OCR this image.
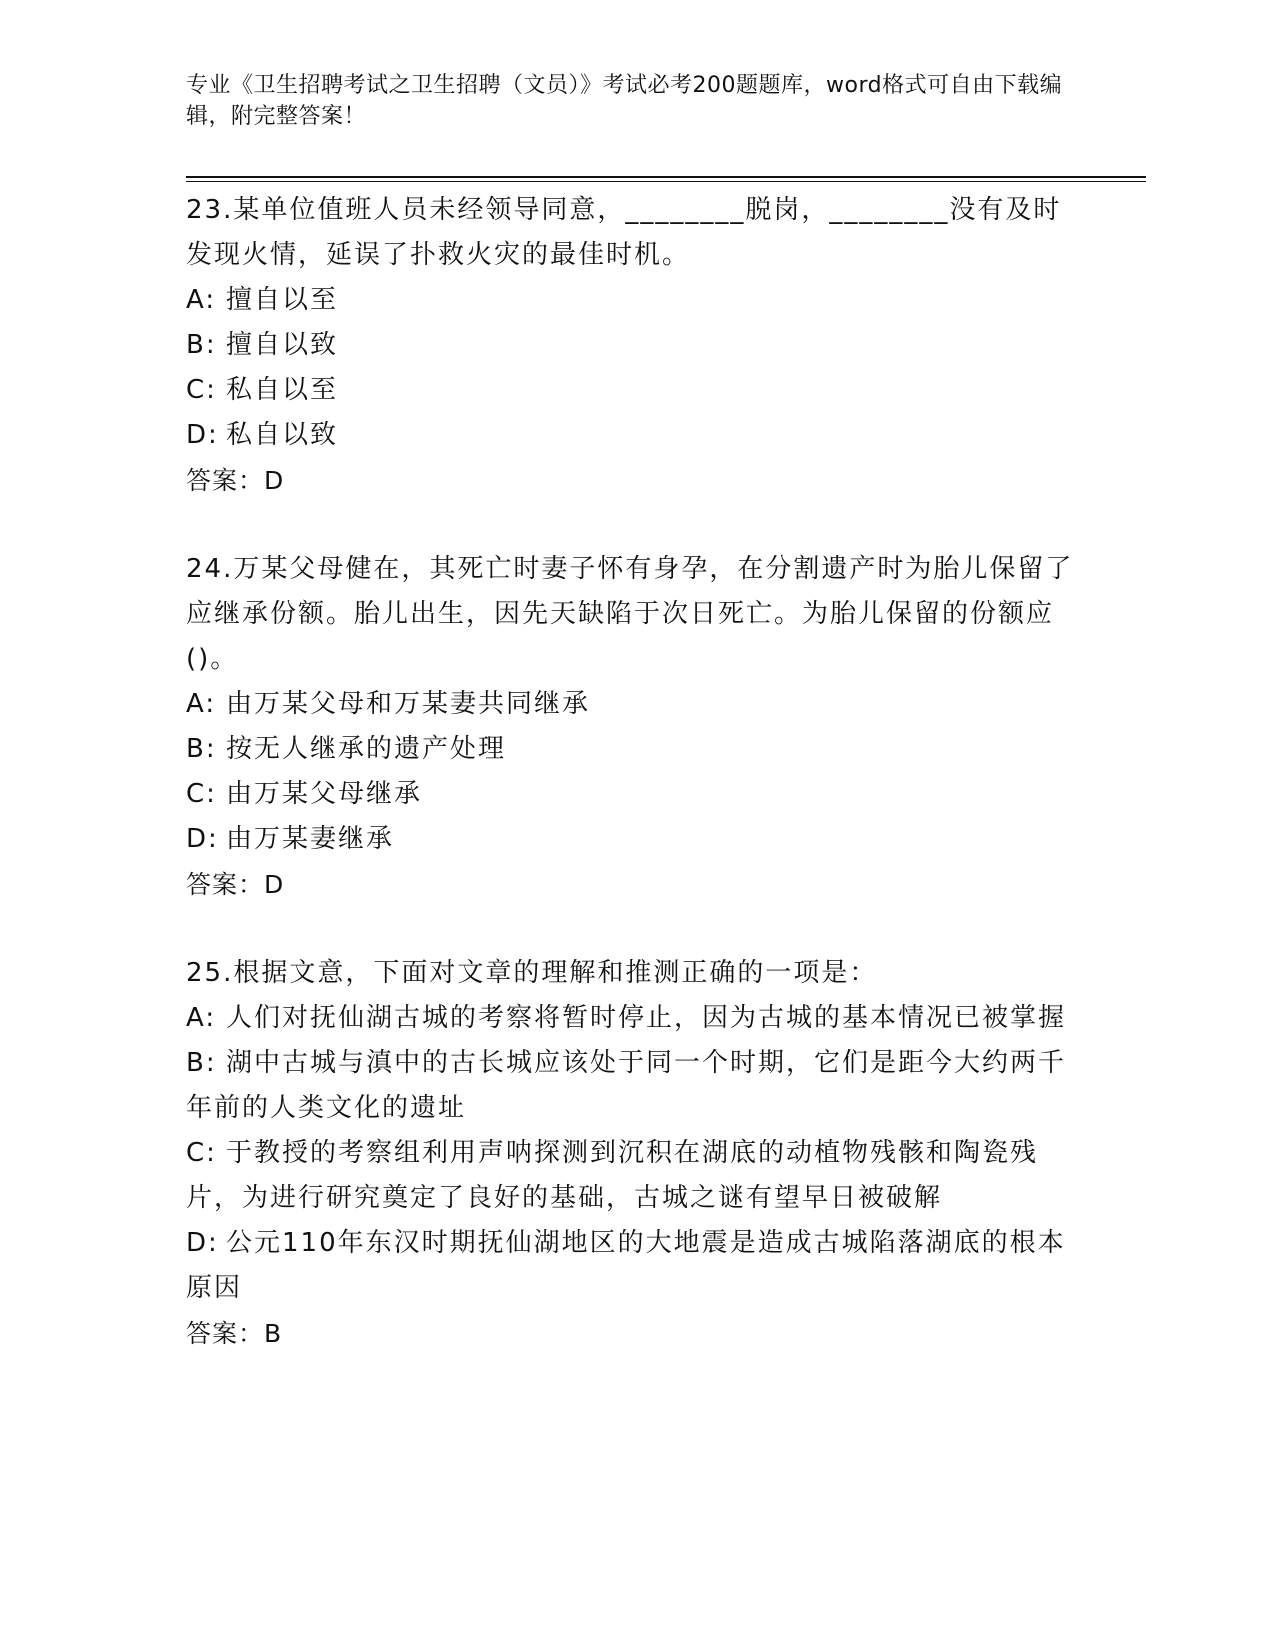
专业《卫生招聘考试之卫生招聘（文员）》考试必考200题题库，word格式可自由下载编辑，附完整答案！

23.某单位值班人员未经领导同意，________脱岗，________没有及时发现火情，延误了扑救火灾的最佳时机。

A: 擅自以至

B: 擅自以致

C: 私自以至

D: 私自以致

答案：D

24.万某父母健在，其死亡时妻子怀有身孕，在分割遗产时为胎儿保留了应继承份额。胎儿出生，因先天缺陷于次日死亡。为胎儿保留的份额应()。

A: 由万某父母和万某妻共同继承

B: 按无人继承的遗产处理

C: 由万某父母继承

D: 由万某妻继承

答案：D

25.根据文意，下面对文章的理解和推测正确的一项是：

A: 人们对抚仙湖古城的考察将暂时停止，因为古城的基本情况已被掌握

B: 湖中古城与滇中的古长城应该处于同一个时期，它们是距今大约两千年前的人类文化的遗址

C: 于教授的考察组利用声呐探测到沉积在湖底的动植物残骸和陶瓷残片，为进行研究奠定了良好的基础，古城之谜有望早日被破解

D: 公元110年东汉时期抚仙湖地区的大地震是造成古城陷落湖底的根本原因

答案：B
